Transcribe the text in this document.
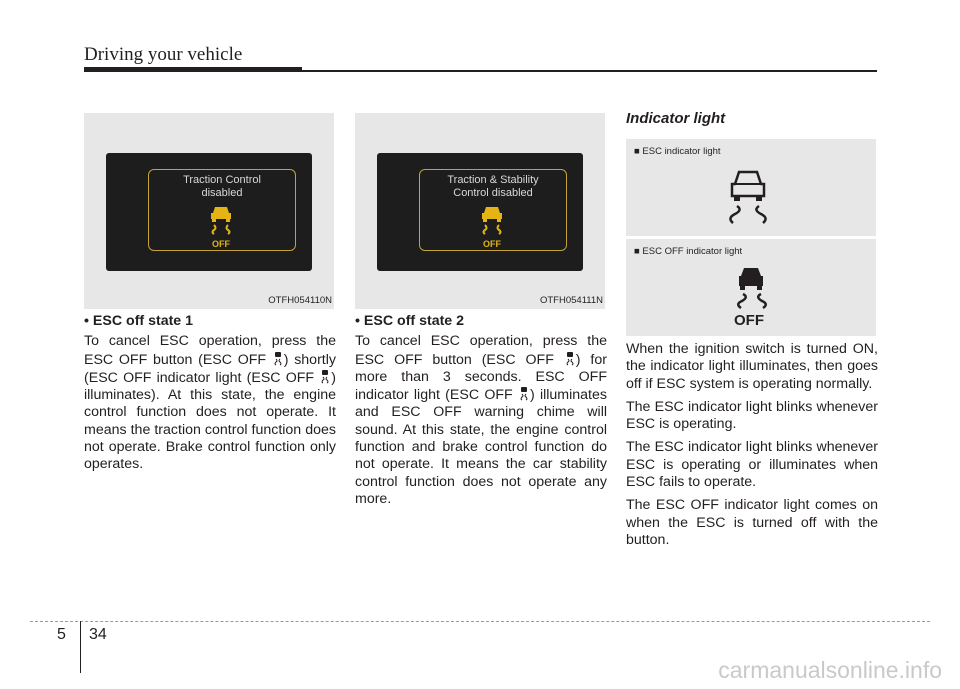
Driving your vehicle
Traction Control
disabled
OFF
OTFH054110N
Traction & Stability
Control disabled
OFF
OTFH054111N

• ESC off state 1

To cancel ESC operation, press the ESC OFF button (ESC OFF ) shortly (ESC OFF indicator light (ESC OFF ) illuminates). At this state, the engine control function does not operate. It means the traction control function does not operate. Brake control function only operates.

• ESC off state 2

To cancel ESC operation, press the ESC OFF button (ESC OFF ) for more than 3 seconds. ESC OFF indicator light (ESC OFF ) illuminates and ESC OFF warning chime will sound. At this state, the engine control function and brake control function do not operate. It means the car stability control function does not operate any more.

Indicator light
■ ESC indicator light
■ ESC OFF indicator light
OFF

When the ignition switch is turned ON, the indicator light illuminates, then goes off if ESC system is operating normally.

The ESC indicator light blinks whenever ESC is operating.

The ESC indicator light blinks whenever ESC is operating or illuminates when ESC fails to operate.

The ESC OFF indicator light comes on when the ESC is turned off with the button.

5 34
carmanualsonline.info
